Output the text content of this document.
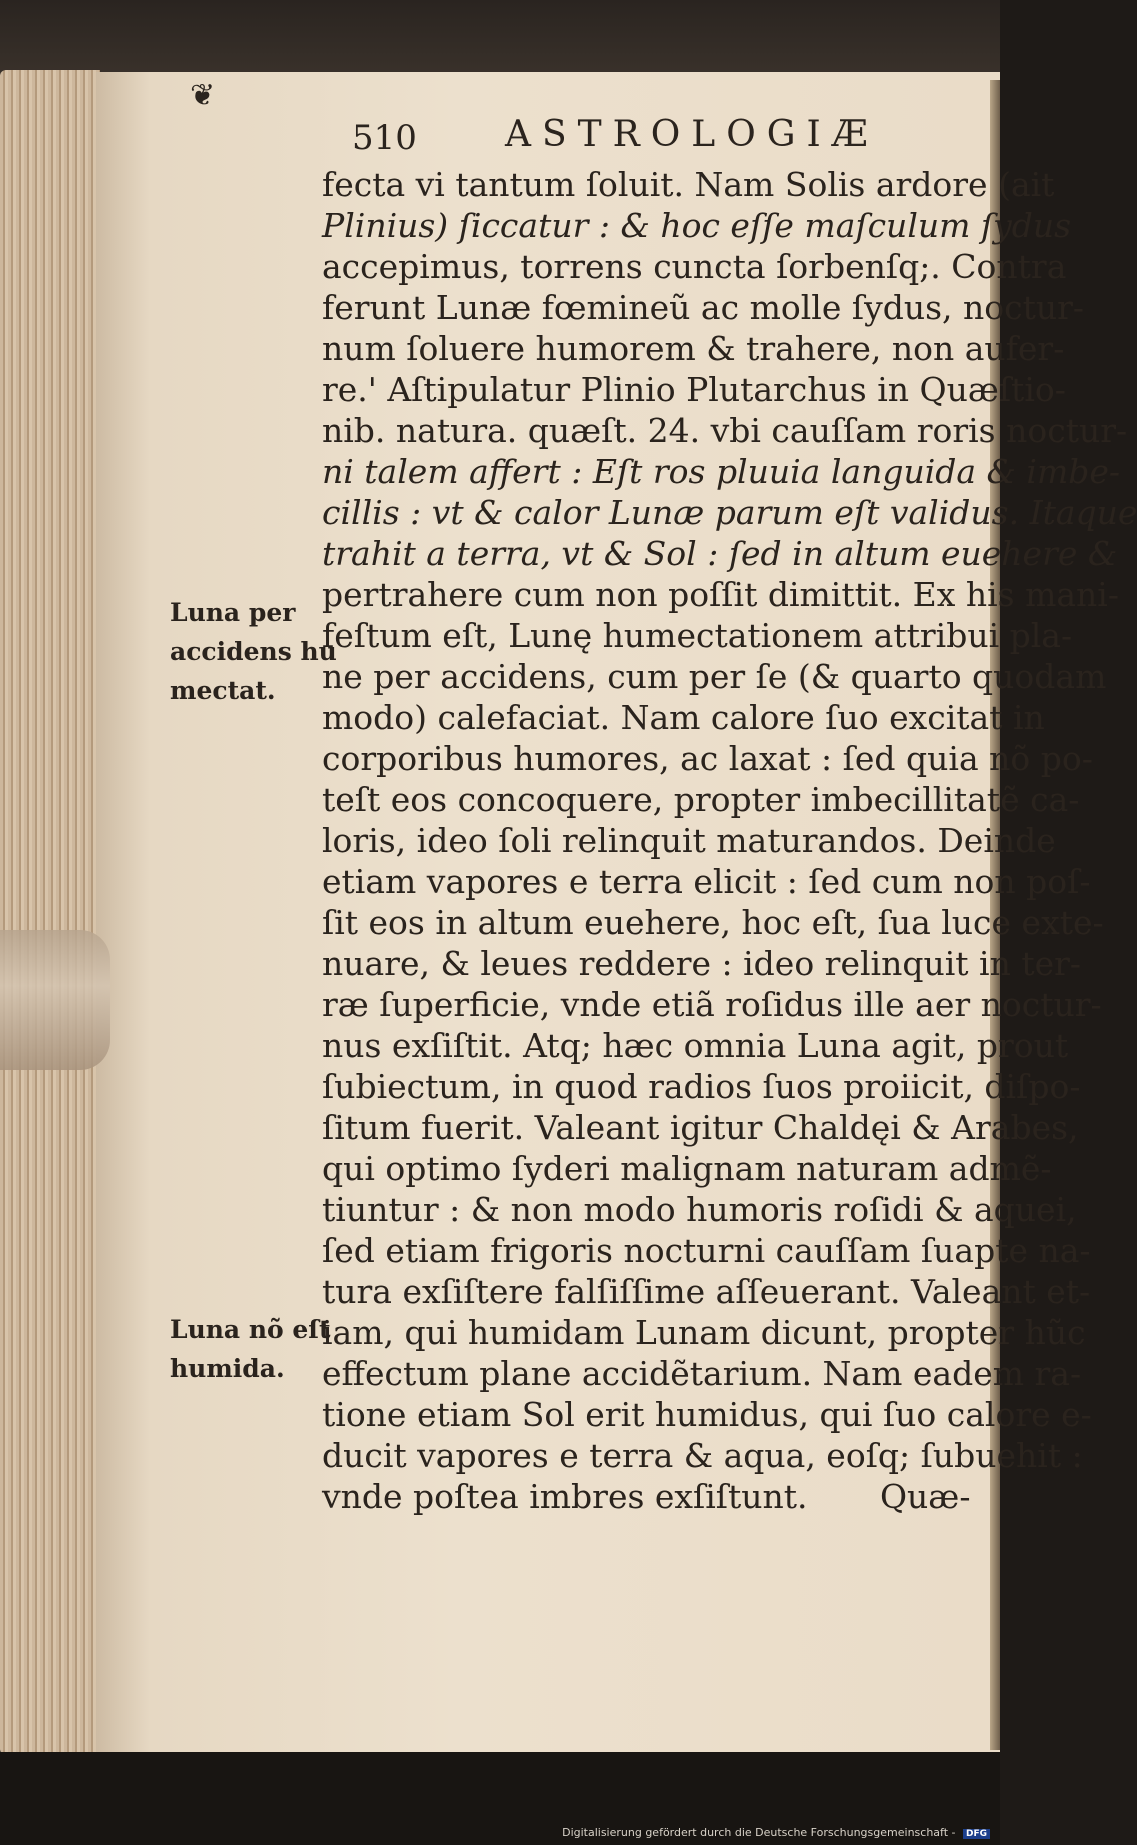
❦
510 ASTROLOGIÆ
fecta vi tantum ſoluit. Nam Solis ardore (ait
Plinius) ſiccatur : & hoc eſſe maſculum ſydus
accepimus, torrens cuncta ſorbenſq;. Contra
ferunt Lunæ fœmineũ ac molle ſydus, noctur-
num ſoluere humorem & trahere, non aufer-
re.' Aſtipulatur Plinio Plutarchus in Quæſtio-
nib. natura. quæſt. 24. vbi cauſſam roris noctur-
ni talem affert : Eſt ros pluuia languida & imbe-
cillis : vt & calor Lunæ parum eſt validus. Itaque
trahit a terra, vt & Sol : ſed in altum euehere &
pertrahere cum non poſſit dimittit. Ex his mani-
feſtum eſt, Lunę humectationem attribui pla-
ne per accidens, cum per ſe (& quarto quodam
modo) calefaciat. Nam calore ſuo excitat in
corporibus humores, ac laxat : ſed quia nõ po-
teſt eos concoquere, propter imbecillitatẽ ca-
loris, ideo ſoli relinquit maturandos. Deinde
etiam vapores e terra elicit : ſed cum non poſ-
ſit eos in altum euehere, hoc eſt, ſua luce exte-
nuare, & leues reddere : ideo relinquit in ter-
ræ ſuperficie, vnde etiã roſidus ille aer noctur-
nus exſiſtit. Atq; hæc omnia Luna agit, prout
ſubiectum, in quod radios ſuos proiicit, diſpo-
ſitum fuerit. Valeant igitur Chaldęi & Arabes,
qui optimo ſyderi malignam naturam admẽ-
tiuntur : & non modo humoris roſidi & aquei,
ſed etiam frigoris nocturni cauſſam ſuapte na-
tura exſiſtere falſiſſime aſſeuerant. Valeant et-
iam, qui humidam Lunam dicunt, propter hũc
effectum plane accidẽtarium. Nam eadem ra-
tione etiam Sol erit humidus, qui ſuo calore e-
ducit vapores e terra & aqua, eoſq; ſubuehit :
vnde poſtea imbres exſiſtunt. Quæ-
Luna per
accidens hu
mectat.
Luna nõ eſt
humida.
Digitalisierung gefördert durch die Deutsche Forschungsgemeinschaft - DFG
